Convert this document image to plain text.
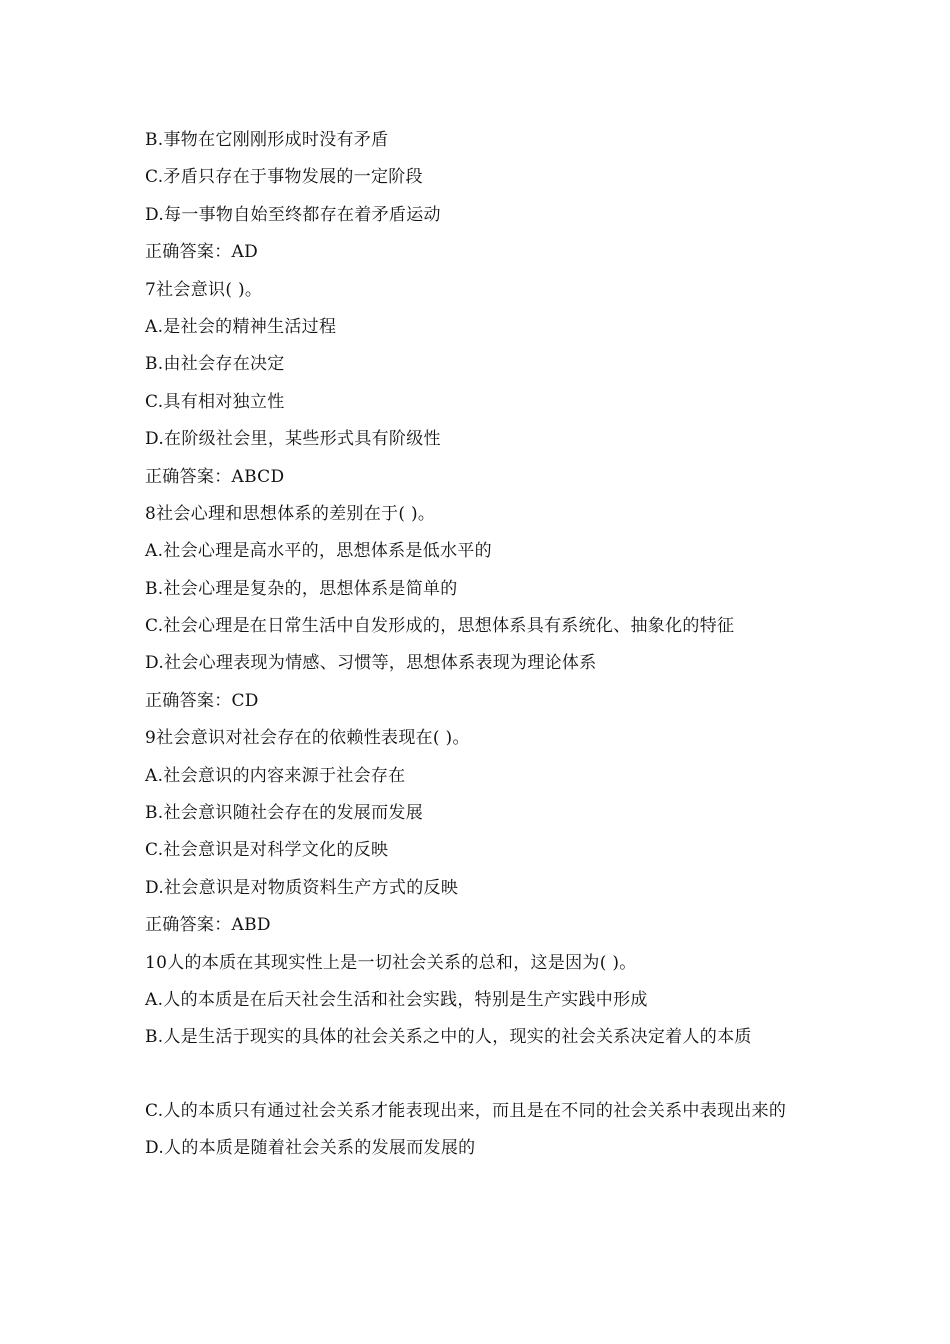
B.事物在它刚刚形成时没有矛盾
C.矛盾只存在于事物发展的一定阶段
D.每一事物自始至终都存在着矛盾运动
正确答案：AD
7社会意识( )。
A.是社会的精神生活过程
B.由社会存在决定
C.具有相对独立性
D.在阶级社会里，某些形式具有阶级性
正确答案：ABCD
8社会心理和思想体系的差别在于( )。
A.社会心理是高水平的，思想体系是低水平的
B.社会心理是复杂的，思想体系是简单的
C.社会心理是在日常生活中自发形成的，思想体系具有系统化、抽象化的特征
D.社会心理表现为情感、习惯等，思想体系表现为理论体系
正确答案：CD
9社会意识对社会存在的依赖性表现在( )。
A.社会意识的内容来源于社会存在
B.社会意识随社会存在的发展而发展
C.社会意识是对科学文化的反映
D.社会意识是对物质资料生产方式的反映
正确答案：ABD
10人的本质在其现实性上是一切社会关系的总和，这是因为( )。
A.人的本质是在后天社会生活和社会实践，特别是生产实践中形成
B.人是生活于现实的具体的社会关系之中的人，现实的社会关系决定着人的本质
C.人的本质只有通过社会关系才能表现出来，而且是在不同的社会关系中表现出来的
D.人的本质是随着社会关系的发展而发展的
